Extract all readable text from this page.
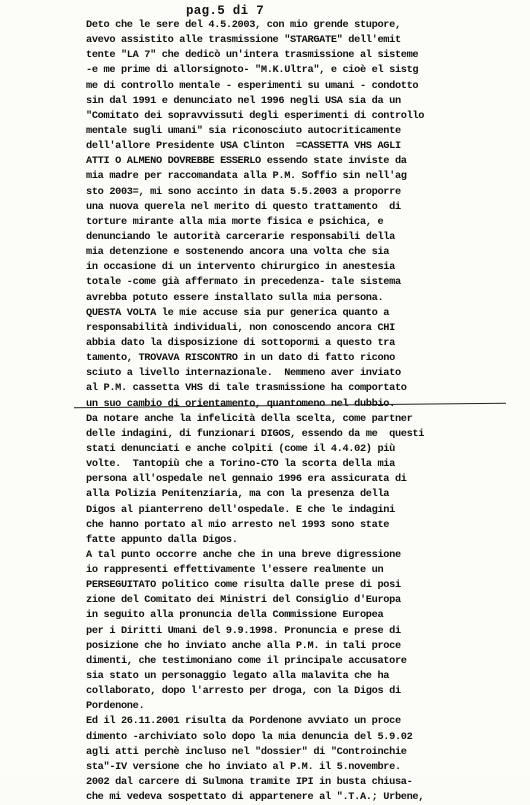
pag.5 di 7
Deto che le sere del 4.5.2003, con mio grende stupore,
avevo assistito alle trasmissione "STARGATE" dell'emit
tente "LA 7" che dedicò un'intera trasmissione al sisteme
-e me prime di allorsignoto- "M.K.Ultra", e cioè el sistg
me di controllo mentale - esperimenti su umani - condotto
sin dal 1991 e denunciato nel 1996 negli USA sia da un
"Comitato dei sopravvissuti degli esperimenti di controllo
mentale sugli umani" sia riconosciuto autocriticamente
dell'allore Presidente USA Clinton  =CASSETTA VHS AGLI
ATTI O ALMENO DOVREBBE ESSERLO essendo state inviste da
mia madre per raccomandata alla P.M. Soffio sin nell'ag
sto 2003=, mi sono accinto in data 5.5.2003 a proporre
una nuova querela nel merito di questo trattamento  di
torture mirante alla mia morte fisica e psichica, e
denunciando le autorità carcerarie responsabili della
mia detenzione e sostenendo ancora una volta che sia
in occasione di un intervento chirurgico in anestesia
totale -come già affermato in precedenza- tale sistema
avrebba potuto essere installato sulla mia persona.
QUESTA VOLTA le mie accuse sia pur generica quanto a
responsabilità individuali, non conoscendo ancora CHI
abbia dato la disposizione di sottopormi a questo tra
tamento, TROVAVA RISCONTRO in un dato di fatto ricono
sciuto a livello internazionale.  Nemmeno aver inviato
al P.M. cassetta VHS di tale trasmissione ha comportato
un suo cambio di orientamento, quantomeno nel dubbio.
Da notare anche la infelicità della scelta, come partner
delle indagini, di funzionari DIGOS, essendo da me  questi
stati denunciati e anche colpiti (come il 4.4.02) più
volte.  Tantopiù che a Torino-CTO la scorta della mia
persona all'ospedale nel gennaio 1996 era assicurata di
alla Polizia Penitenziaria, ma con la presenza della
Digos al pianterreno dell'ospedale. E che le indagini
che hanno portato al mio arresto nel 1993 sono state
fatte appunto dalla Digos.
A tal punto occorre anche che in una breve digressione
io rappresenti effettivamente l'essere realmente un
PERSEGUITATO politico come risulta dalle prese di posi
zione del Comitato dei Ministri del Consiglio d'Europa
in seguito alla pronuncia della Commissione Europea
per i Diritti Umani del 9.9.1998. Pronuncia e prese di
posizione che ho inviato anche alla P.M. in tali proce
dimenti, che testimoniano come il principale accusatore
sia stato un personaggio legato alla malavita che ha
collaborato, dopo l'arresto per droga, con la Digos di
Pordenone.
Ed il 26.11.2001 risulta da Pordenone avviato un proce
dimento -archiviato solo dopo la mia denuncia del 5.9.02
agli atti perchè incluso nel "dossier" di "Controinchie
sta"-IV versione che ho inviato al P.M. il 5.novembre.
2002 dal carcere di Sulmona tramite IPI in busta chiusa-
che mi vedeva sospettato di appartenere al ".T.A.; Urbene,
